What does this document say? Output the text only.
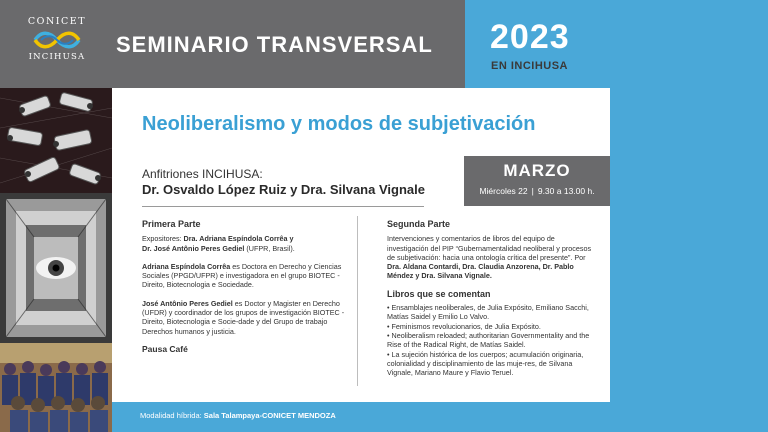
CONICET
INCIHUSA	SEMINARIO TRANSVERSAL 2023
EN INCIHUSA
Neoliberalismo y modos de subjetivación
Anfitriones INCIHUSA:
Dr. Osvaldo López Ruiz y Dra. Silvana Vignale
MARZO
Miércoles 22 | 9.30 a 13.00 h.
Primera Parte
Expositores: Dra. Adriana Espíndola Corrêa y
Dr. José Antônio Peres Gediel (UFPR, Brasil).
Adriana Espíndola Corrêa es Doctora en Derecho y Ciencias Sociales (PPGD/UFPR) e investigadora en el grupo BIOTEC - Direito, Biotecnologia e Sociedade.
José Antônio Peres Gediel es Doctor y Magister en Derecho (UFDR) y coordinador de los grupos de investigación BIOTEC - Direito, Biotecnologia e Socie-dade y del Grupo de trabajo Derechos humanos y justicia.
Pausa Café
Segunda Parte
Intervenciones y comentarios de libros del equipo de investigación del PIP “Gubernamentalidad neoliberal y procesos de subjetivación: hacia una ontología crítica del presente”. Por Dra. Aldana Contardi, Dra. Claudia Anzorena, Dr. Pablo Méndez y Dra. Silvana Vignale.
Libros que se comentan
• Ensamblajes neoliberales, de Julia Expósito, Emiliano Sacchi, Matías Saidel y Emilio Lo Valvo.
• Feminismos revolucionarios, de Julia Expósito.
• Neoliberalism reloaded; authoritarian Governmentality and the Rise of the Radical Right, de Matías Saidel.
• La sujeción histórica de los cuerpos; acumulación originaria, colonialidad y disciplinamiento de las muje-res, de Silvana Vignale, Mariano Maure y Flavio Teruel.
Modalidad híbrida: Sala Talampaya-CONICET MENDOZA
